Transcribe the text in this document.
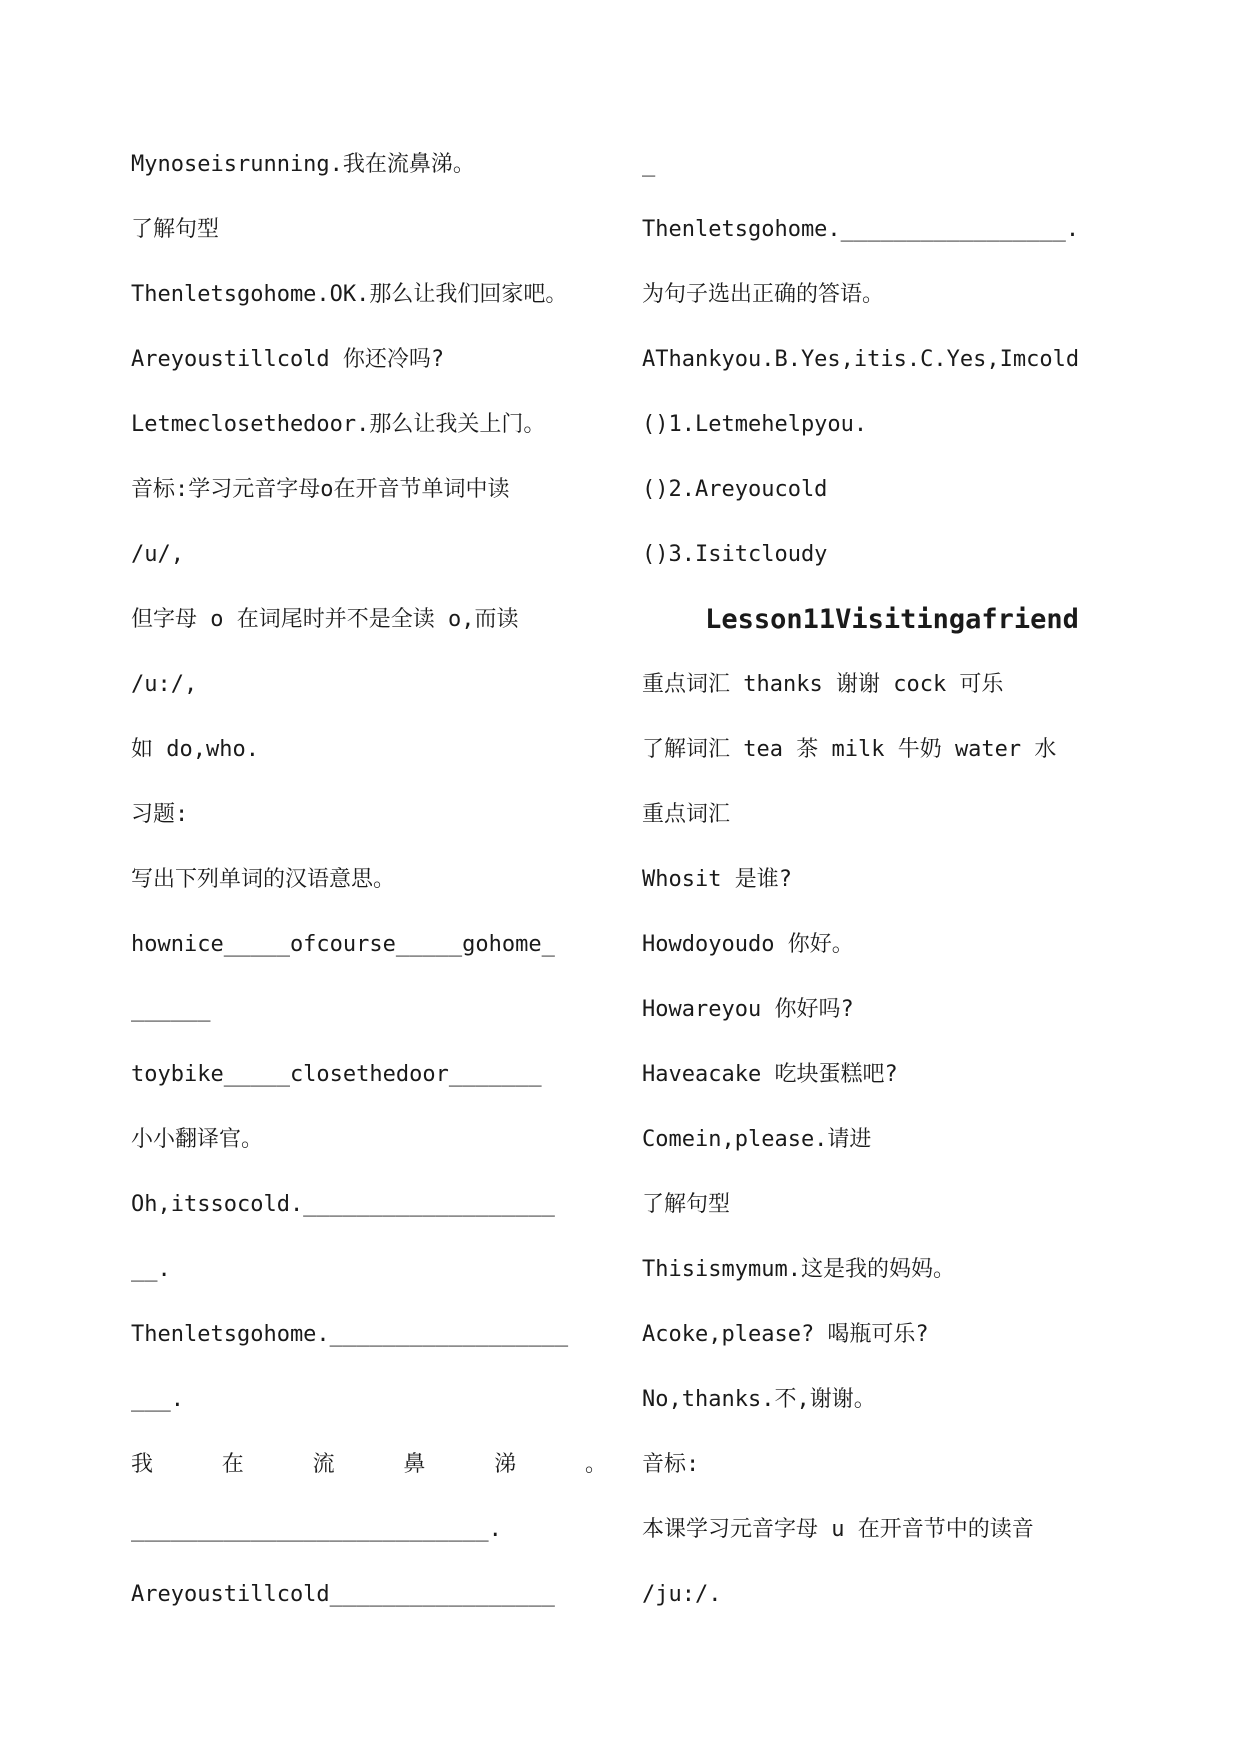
Mynoseisrunning.我在流鼻涕。
了解句型
Thenletsgohome.OK.那么让我们回家吧。
Areyoustillcold 你还冷吗?
Letmeclosethedoor.那么让我关上门。
音标:学习元音字母o在开音节单词中读
/u/,
但字母 o 在词尾时并不是全读 o,而读
/u:/,
如 do,who.
习题:
写出下列单词的汉语意思。
hownice_____ofcourse_____gohome_
______
toybike_____closethedoor_______
小小翻译官。
Oh,itssocold.___________________
__.
Thenletsgohome.__________________
___.
我	在	流	鼻	涕	。
___________________________.
Areyoustillcold_________________
_
Thenletsgohome._________________.
为句子选出正确的答语。
AThankyou.B.Yes,itis.C.Yes,Imcold
()1.Letmehelpyou.
()2.Areyoucold
()3.Isitcloudy
Lesson11Visitingafriend
重点词汇 thanks 谢谢 cock 可乐
了解词汇 tea 茶 milk 牛奶 water 水
重点词汇
Whosit 是谁?
Howdoyoudo 你好。
Howareyou 你好吗?
Haveacake 吃块蛋糕吧?
Comein,please.请进
了解句型
Thisismymum.这是我的妈妈。
Acoke,please? 喝瓶可乐?
No,thanks.不,谢谢。
音标:
本课学习元音字母 u 在开音节中的读音
/ju:/.
